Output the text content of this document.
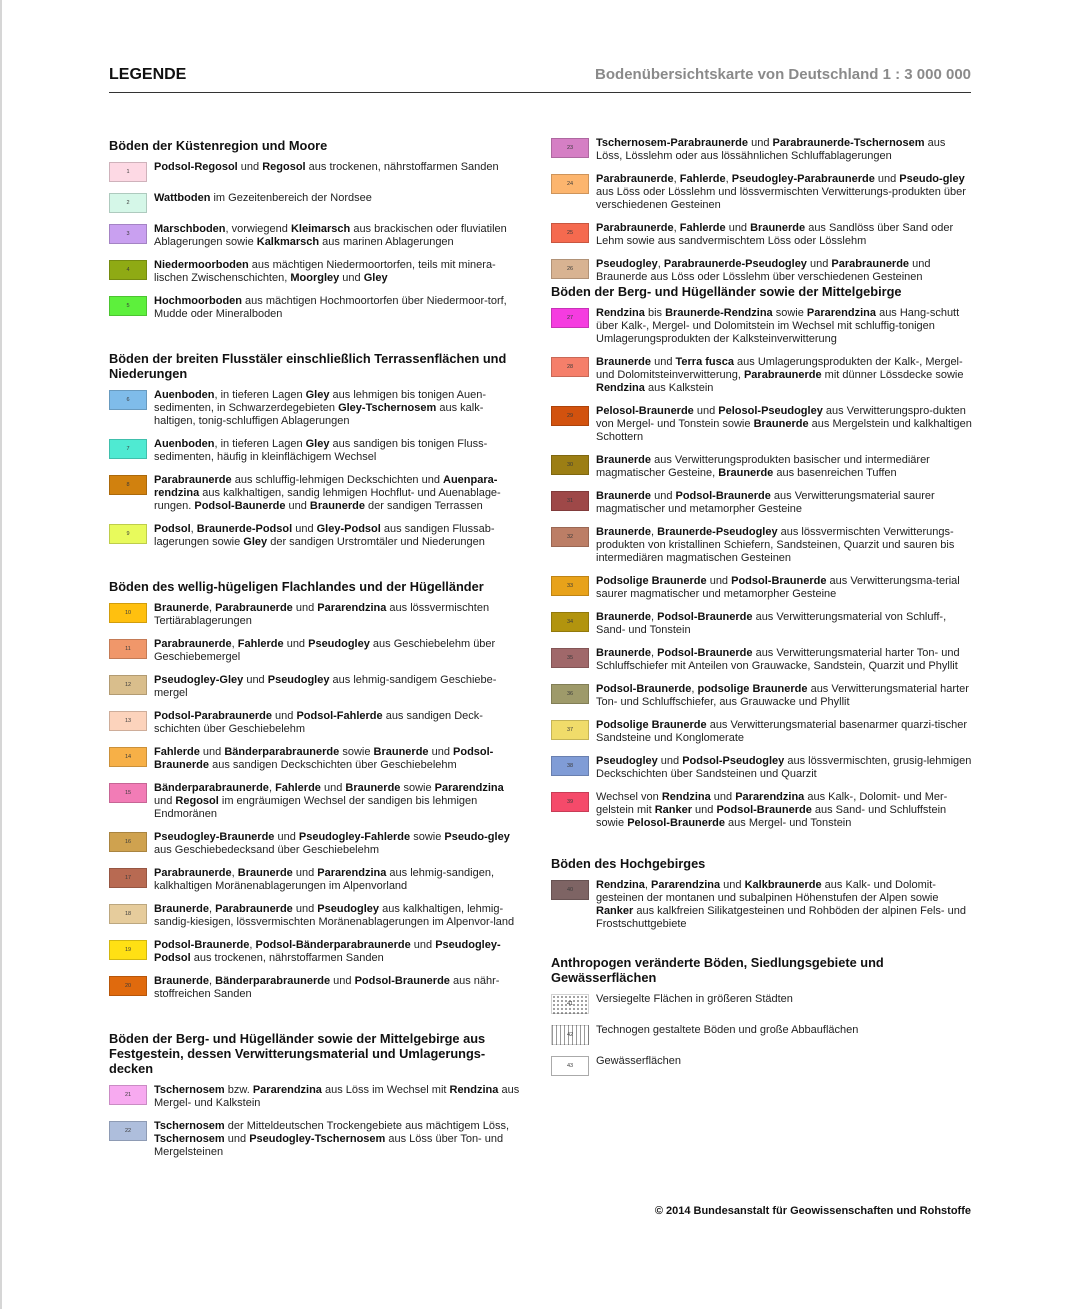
LEGENDE	Bodenübersichtskarte von Deutschland 1 : 3 000 000
Böden der Küstenregion und Moore
1 Podsol-Regosol und Regosol aus trockenen, nährstoffarmen Sanden
2 Wattboden im Gezeitenbereich der Nordsee
3 Marschboden, vorwiegend Kleimarsch aus brackischen oder fluviatilen Ablagerungen sowie Kalkmarsch aus marinen Ablagerungen
4 Niedermoorboden aus mächtigen Niedermoortorfen, teils mit minera-lischen Zwischenschichten, Moorgley und Gley
5 Hochmoorboden aus mächtigen Hochmoortorfen über Niedermoor-torf, Mudde oder Mineralboden
Böden der breiten Flusstäler einschließlich Terrassenflächen und Niederungen
6 Auenboden, in tieferen Lagen Gley aus lehmigen bis tonigen Auen-sedimenten, in Schwarzerdegebieten Gley-Tschernosem aus kalk-haltigen, tonig-schluffigen Ablagerungen
7 Auenboden, in tieferen Lagen Gley aus sandigen bis tonigen Fluss-sedimenten, häufig in kleinflächigem Wechsel
8 Parabraunerde aus schluffig-lehmigen Deckschichten und Auenpara-rendzina aus kalkhaltigen, sandig lehmigen Hochflut- und Auenablage-rungen. Podsol-Baunerde und Braunerde der sandigen Terrassen
9 Podsol, Braunerde-Podsol und Gley-Podsol aus sandigen Flussab-lagerungen sowie Gley der sandigen Urstromtäler und Niederungen
Böden des wellig-hügeligen Flachlandes und der Hügelländer
10 Braunerde, Parabraunerde und Pararendzina aus lössvermischten Tertiärablagerungen
11 Parabraunerde, Fahlerde und Pseudogley aus Geschiebelehm über Geschiebemergel
12 Pseudogley-Gley und Pseudogley aus lehmig-sandigem Geschiebe-mergel
13 Podsol-Parabraunerde und Podsol-Fahlerde aus sandigen Deck-schichten über Geschiebelehm
14 Fahlerde und Bänderparabraunerde sowie Braunerde und Podsol-Braunerde aus sandigen Deckschichten über Geschiebelehm
15 Bänderparabraunerde, Fahlerde und Braunerde sowie Pararendzina und Regosol im engräumigen Wechsel der sandigen bis lehmigen Endmoränen
16 Pseudogley-Braunerde und Pseudogley-Fahlerde sowie Pseudo-gley aus Geschiebedecksand über Geschiebelehm
17 Parabraunerde, Braunerde und Pararendzina aus lehmig-sandigen, kalkhaltigen Moränenablagerungen im Alpenvorland
18 Braunerde, Parabraunerde und Pseudogley aus kalkhaltigen, lehmig-sandig-kiesigen, lössvermischten Moränenablagerungen im Alpenvor-land
19 Podsol-Braunerde, Podsol-Bänderparabraunerde und Pseudogley-Podsol aus trockenen, nährstoffarmen Sanden
20 Braunerde, Bänderparabraunerde und Podsol-Braunerde aus nähr-stoffreichen Sanden
Böden der Berg- und Hügelländer sowie der Mittelgebirge aus Festgestein, dessen Verwitterungsmaterial und Umlagerungs-decken
21 Tschernosem bzw. Pararendzina aus Löss im Wechsel mit Rendzina aus Mergel- und Kalkstein
22 Tschernosem der Mitteldeutschen Trockengebiete aus mächtigem Löss, Tschernosem und Pseudogley-Tschernosem aus Löss über Ton- und Mergelsteinen
23 Tschernosem-Parabraunerde und Parabraunerde-Tschernosem aus Löss, Lösslehm oder aus lössähnlichen Schluffablagerungen
24 Parabraunerde, Fahlerde, Pseudogley-Parabraunerde und Pseudo-gley aus Löss oder Lösslehm und lössvermischten Verwitterungs-produkten über verschiedenen Gesteinen
25 Parabraunerde, Fahlerde und Braunerde aus Sandlöss über Sand oder Lehm sowie aus sandvermischtem Löss oder Lösslehm
26 Pseudogley, Parabraunerde-Pseudogley und Parabraunerde und Braunerde aus Löss oder Lösslehm über verschiedenen Gesteinen
Böden der Berg- und Hügelländer sowie der Mittelgebirge
27 Rendzina bis Braunerde-Rendzina sowie Pararendzina aus Hang-schutt über Kalk-, Mergel- und Dolomitstein im Wechsel mit schluffig-tonigen Umlagerungsprodukten der Kalksteinverwitterung
28 Braunerde und Terra fusca aus Umlagerungsprodukten der Kalk-, Mergel- und Dolomitsteinverwitterung, Parabraunerde mit dünner Lössdecke sowie Rendzina aus Kalkstein
29 Pelosol-Braunerde und Pelosol-Pseudogley aus Verwitterungspro-dukten von Mergel- und Tonstein sowie Braunerde aus Mergelstein und kalkhaltigen Schottern
30 Braunerde aus Verwitterungsprodukten basischer und intermediärer magmatischer Gesteine, Braunerde aus basenreichen Tuffen
31 Braunerde und Podsol-Braunerde aus Verwitterungsmaterial saurer magmatischer und metamorpher Gesteine
32 Braunerde, Braunerde-Pseudogley aus lössvermischten Verwitterungs-produkten von kristallinen Schiefern, Sandsteinen, Quarzit und sauren bis intermediären magmatischen Gesteinen
33 Podsolige Braunerde und Podsol-Braunerde aus Verwitterungsma-terial saurer magmatischer und metamorpher Gesteine
34 Braunerde, Podsol-Braunerde aus Verwitterungsmaterial von Schluff-, Sand- und Tonstein
35 Braunerde, Podsol-Braunerde aus Verwitterungsmaterial harter Ton- und Schluffschiefer mit Anteilen von Grauwacke, Sandstein, Quarzit und Phyllit
36 Podsol-Braunerde, podsolige Braunerde aus Verwitterungsmaterial harter Ton- und Schluffschiefer, aus Grauwacke und Phyllit
37 Podsolige Braunerde aus Verwitterungsmaterial basenarmer quarzi-tischer Sandsteine und Konglomerate
38 Pseudogley und Podsol-Pseudogley aus lössvermischten, grusig-lehmigen Deckschichten über Sandsteinen und Quarzit
39 Wechsel von Rendzina und Pararendzina aus Kalk-, Dolomit- und Mer-gelstein mit Ranker und Podsol-Braunerde aus Sand- und Schluffstein sowie Pelosol-Braunerde aus Mergel- und Tonstein
Böden des Hochgebirges
40 Rendzina, Pararendzina und Kalkbraunerde aus Kalk- und Dolomit-gesteinen der montanen und subalpinen Höhenstufen der Alpen sowie Ranker aus kalkfreien Silikatgesteinen und Rohböden der alpinen Fels- und Frostschuttgebiete
Anthropogen veränderte Böden, Siedlungsgebiete und Gewässerflächen
41 Versiegelte Flächen in größeren Städten
42 Technogen gestaltete Böden und große Abbauflächen
43 Gewässerflächen
© 2014 Bundesanstalt für Geowissenschaften und Rohstoffe
